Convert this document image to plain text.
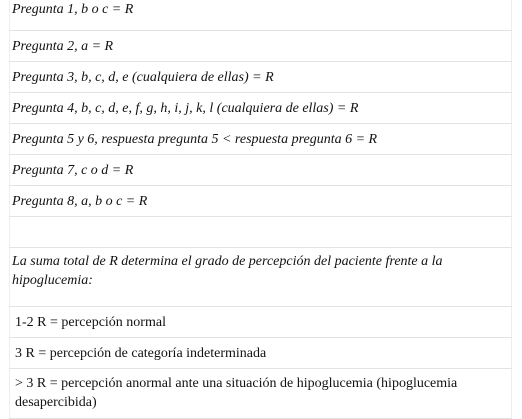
Pregunta 1, b o c = R
Pregunta 2, a = R
Pregunta 3, b, c, d, e (cualquiera de ellas) = R
Pregunta 4, b, c, d, e, f, g, h, i, j, k, l (cualquiera de ellas) = R
Pregunta 5 y 6, respuesta pregunta 5 < respuesta pregunta 6 = R
Pregunta 7, c o d = R
Pregunta 8, a, b o c = R

La suma total de R determina el grado de percepción del paciente frente a la hipoglucemia:
1-2 R = percepción normal
3 R = percepción de categoría indeterminada
> 3 R = percepción anormal ante una situación de hipoglucemia (hipoglucemia desapercibida)
